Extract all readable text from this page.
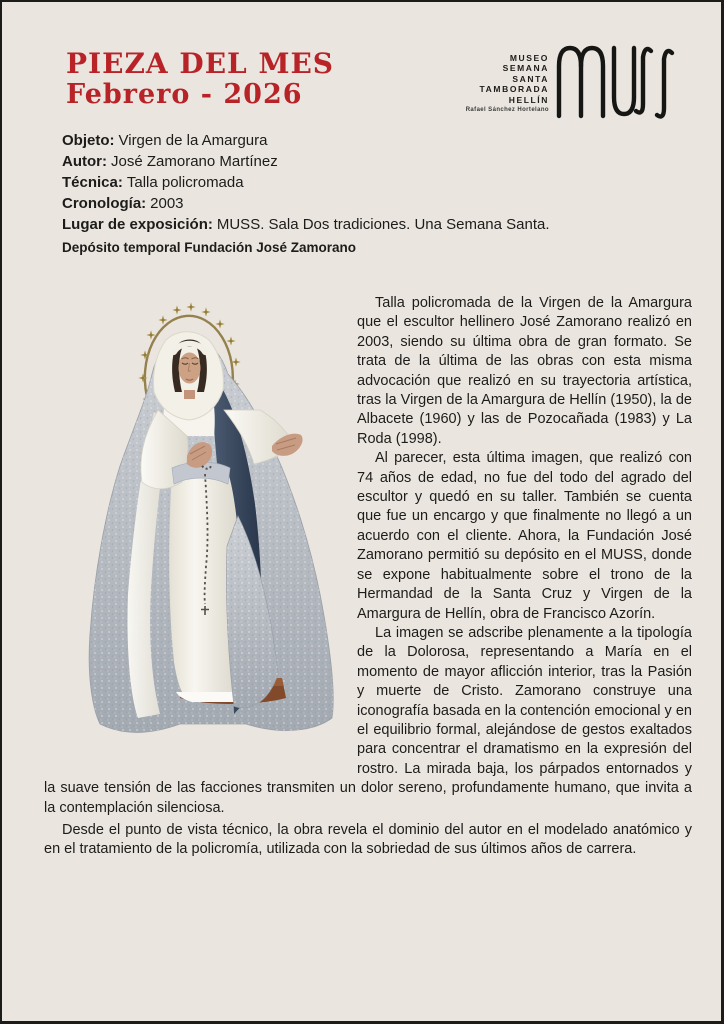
PIEZA DEL MES
Febrero - 2026
MUSEO
SEMANA
SANTA
TAMBORADA
HELLÍN
Rafael Sánchez Hortelano
Objeto: Virgen de la Amargura
Autor: José Zamorano Martínez
Técnica: Talla policromada
Cronología: 2003
Lugar de exposición: MUSS. Sala Dos tradiciones. Una Semana Santa.
Depósito temporal Fundación José Zamorano

Talla policromada de la Virgen de la Amargura que el escultor hellinero José Zamorano realizó en 2003, siendo su última obra de gran formato. Se trata de la última de las obras con esta misma advocación que realizó en su trayectoria artística, tras la Virgen de la Amargura de Hellín (1950), la de Albacete (1960) y las de Pozocañada (1983) y La Roda (1998).

Al parecer, esta última imagen, que realizó con 74 años de edad, no fue del todo del agrado del escultor y quedó en su taller. También se cuenta que fue un encargo y que finalmente no llegó a un acuerdo con el cliente. Ahora, la Fundación José Zamorano permitió su depósito en el MUSS, donde se expone habitualmente sobre el trono de la Hermandad de la Santa Cruz y Virgen de la Amargura de Hellín, obra de Francisco Azorín.

La imagen se adscribe plenamente a la tipología de la Dolorosa, representando a María en el momento de mayor aflicción interior, tras la Pasión y muerte de Cristo. Zamorano construye una iconografía basada en la contención emocional y en el equilibrio formal, alejándose de gestos exaltados para concentrar el dramatismo en la expresión del rostro. La mirada baja, los párpados entornados y la suave tensión de las facciones transmiten un dolor sereno, profundamente humano, que invita a la contemplación silenciosa.

Desde el punto de vista técnico, la obra revela el dominio del autor en el modelado anatómico y en el tratamiento de la policromía, utilizada con la sobriedad de sus últimos años de carrera.
